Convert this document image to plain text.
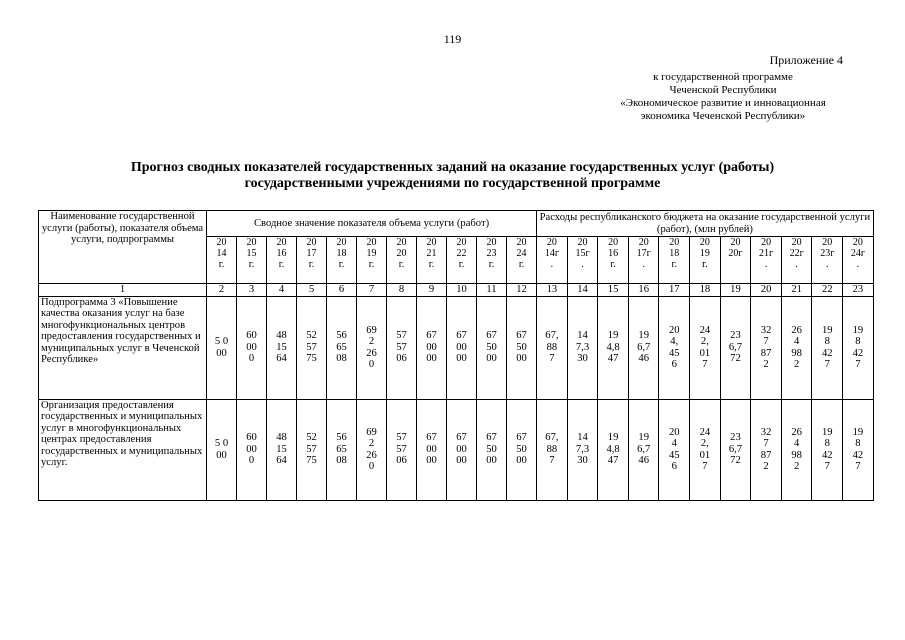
119
Приложение 4
к государственной программе
Чеченской Республики
«Экономическое развитие и инновационная
экономика Чеченской Республики»
Прогноз сводных показателей государственных заданий на оказание государственных услуг (работы)
государственными учреждениями по государственной программе
Наименование государственной услуги (работы), показателя объема услуги, подпрограммы	Сводное значение показателя объема услуги (работ)											Расходы республиканского бюджета на оказание государственной услуги (работ), (млн рублей)										
	20
14
г.	20
15
г.	20
16
г.	20
17
г.	20
18
г.	20
19
г.	20
20
г.	20
21
г.	20
22
г.	20
23
г.	20
24
г.	20
14г
.	20
15г
.	20
16
г.	20
17г
.	20
18
г.	20
19
г.	20
20г	20
21г
.	20
22г
.	20
23г
.	20
24г
.
1	2	3	4	5	6	7	8	9	10	11	12	13	14	15	16	17	18	19	20	21	22	23
Подпрограмма 3 «Повышение качества оказания услуг на базе многофункциональных центров предоставления государственных и муниципальных услуг в Чеченской Республике»	5 0
00	60
00
0	48
15
64	52
57
75	56
65
08	69
2
26
0	57
57
06	67
00
00	67
00
00	67
50
00	67
50
00	67,
88
7	14
7,3
30	19
4,8
47	19
6,7
46	20
4,
45
6	24
2,
01
7	23
6,7
72	32
7
87
2	26
4
98
2	19
8
42
7	19
8
42
7
Организация предоставления государственных и муниципальных услуг в многофункциональных центрах предоставления государственных и муниципальных услуг.	5 0
00	60
00
0	48
15
64	52
57
75	56
65
08	69
2
26
0	57
57
06	67
00
00	67
00
00	67
50
00	67
50
00	67,
88
7	14
7,3
30	19
4,8
47	19
6,7
46	20
4
45
6	24
2,
01
7	23
6,7
72	32
7
87
2	26
4
98
2	19
8
42
7	19
8
42
7
